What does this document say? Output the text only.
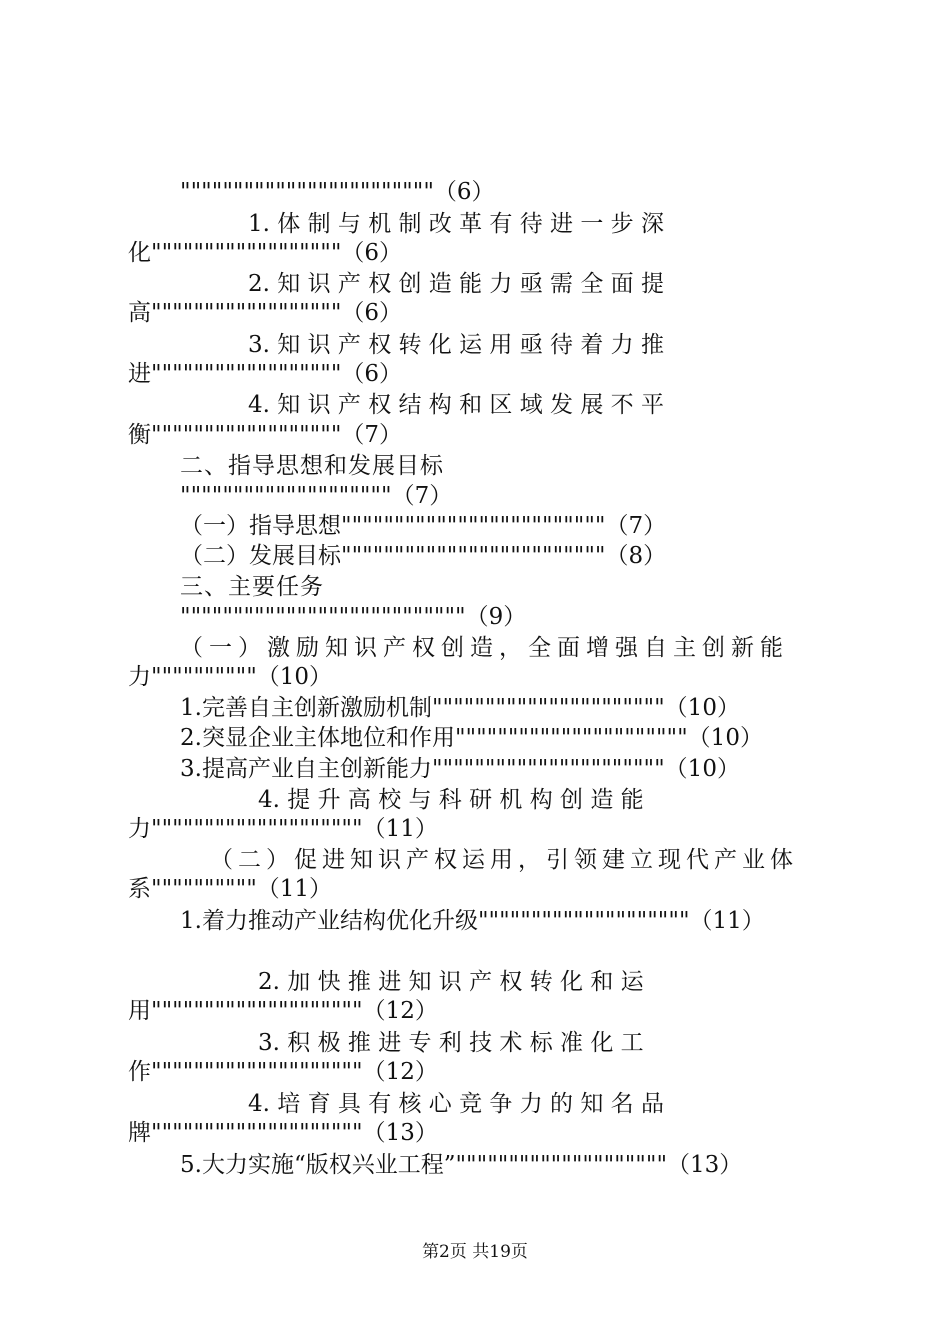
""""""""""""""""""""""""（6）
1. 体 制 与 机 制 改 革 有 待 进 一 步 深
化""""""""""""""""""（6）
2. 知 识 产 权 创 造 能 力 亟 需 全 面 提
高""""""""""""""""""（6）
3. 知 识 产 权 转 化 运 用 亟 待 着 力 推
进""""""""""""""""""（6）
4. 知 识 产 权 结 构 和 区 域 发 展 不 平
衡""""""""""""""""""（7）
二、指导思想和发展目标
""""""""""""""""""""（7）
（一）指导思想"""""""""""""""""""""""""（7）
（二）发展目标"""""""""""""""""""""""""（8）
三、主要任务
"""""""""""""""""""""""""""（9）
（一）激励知识产权创造，全面增强自主创新能
力""""""""""（10）
1.完善自主创新激励机制""""""""""""""""""""""（10）
2.突显企业主体地位和作用""""""""""""""""""""""（10）
3.提高产业自主创新能力""""""""""""""""""""""（10）
4. 提 升 高 校 与 科 研 机 构 创 造 能
力""""""""""""""""""""（11）
（二）促进知识产权运用，引领建立现代产业体
系""""""""""（11）
1.着力推动产业结构优化升级""""""""""""""""""""（11）
2. 加 快 推 进 知 识 产 权 转 化 和 运
用""""""""""""""""""""（12）
3. 积 极 推 进 专 利 技 术 标 准 化 工
作""""""""""""""""""""（12）
4. 培 育 具 有 核 心 竞 争 力 的 知 名 品
牌""""""""""""""""""""（13）
5.大力实施“版权兴业工程”""""""""""""""""""""（13）
第2页 共19页
